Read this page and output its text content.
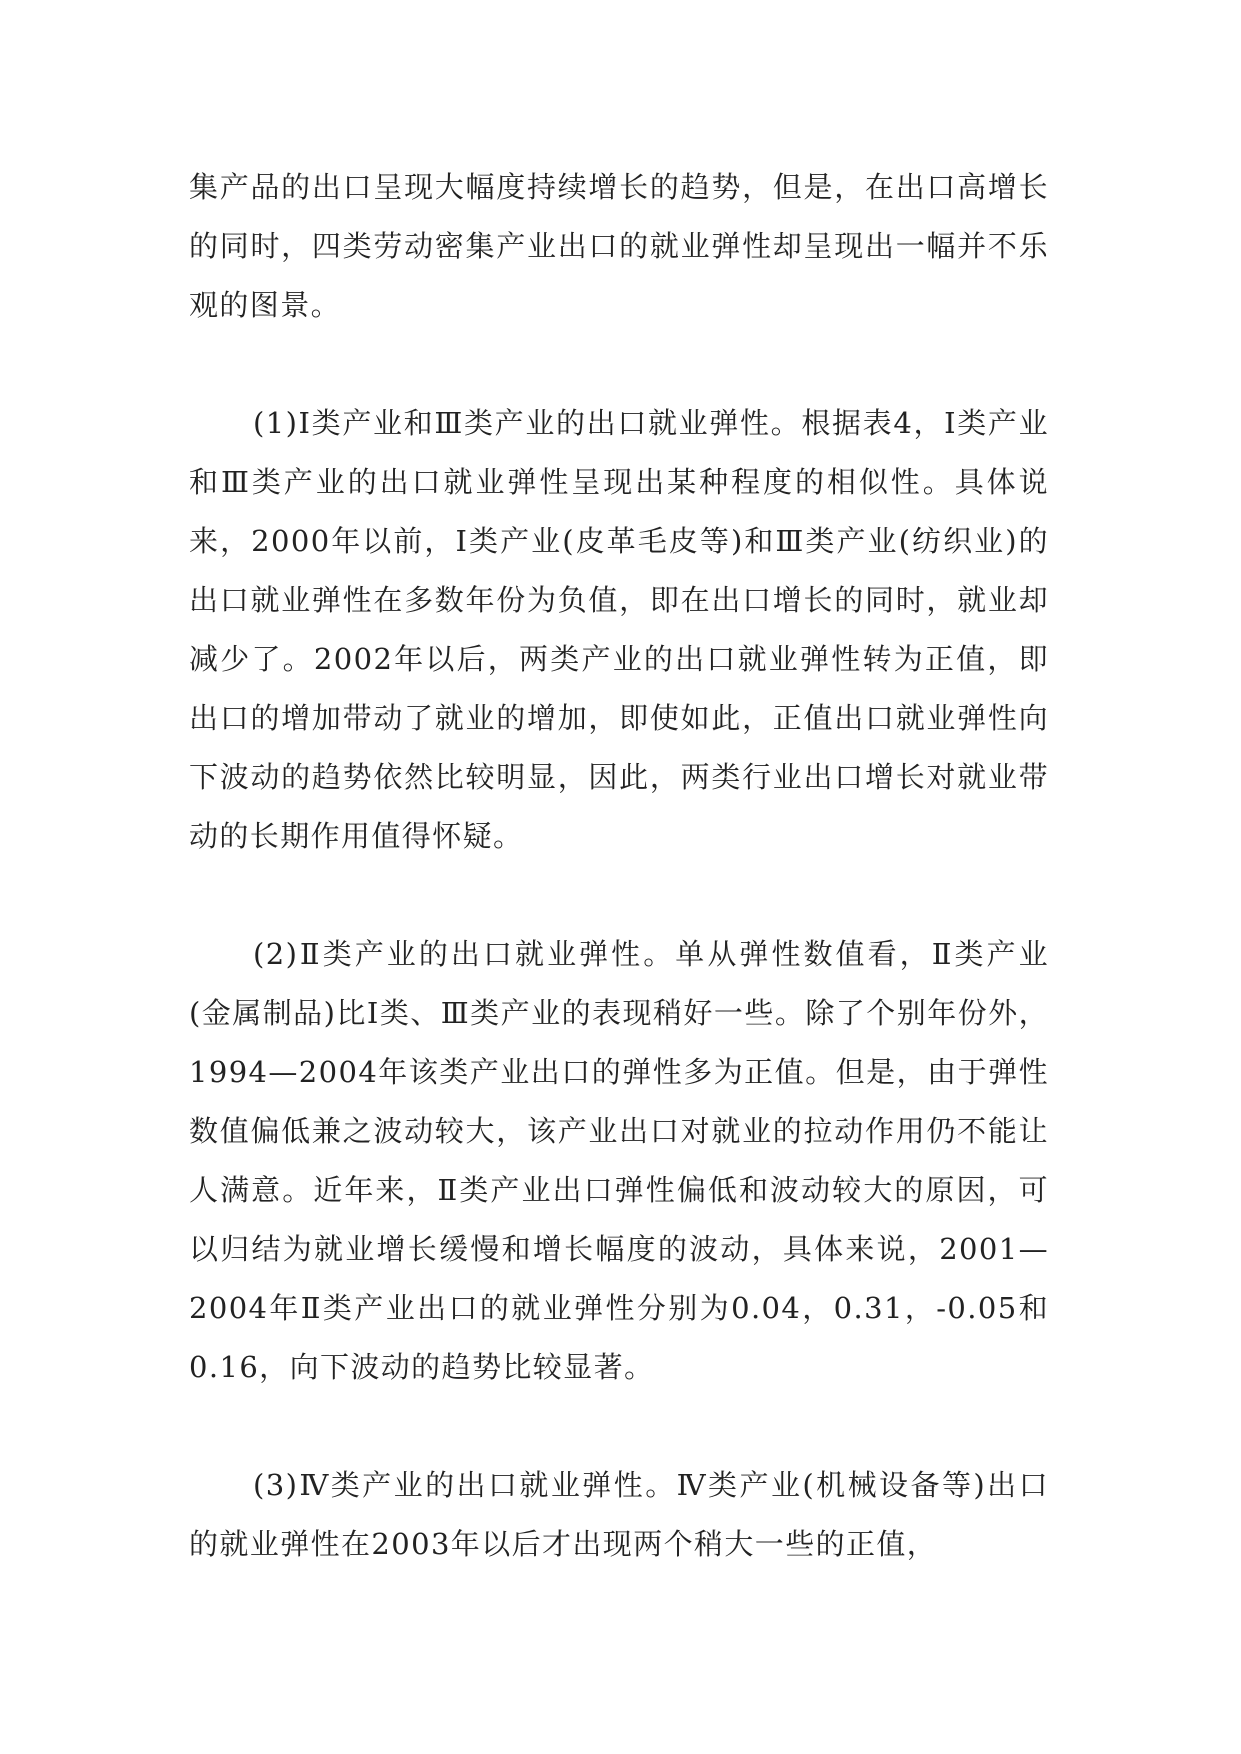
集产品的出口呈现大幅度持续增长的趋势，但是，在出口高增长的同时，四类劳动密集产业出口的就业弹性却呈现出一幅并不乐观的图景。

(1)Ⅰ类产业和Ⅲ类产业的出口就业弹性。根据表4，Ⅰ类产业和Ⅲ类产业的出口就业弹性呈现出某种程度的相似性。具体说来，2000年以前，Ⅰ类产业(皮革毛皮等)和Ⅲ类产业(纺织业)的出口就业弹性在多数年份为负值，即在出口增长的同时，就业却减少了。2002年以后，两类产业的出口就业弹性转为正值，即出口的增加带动了就业的增加，即使如此，正值出口就业弹性向下波动的趋势依然比较明显，因此，两类行业出口增长对就业带动的长期作用值得怀疑。

(2)Ⅱ类产业的出口就业弹性。单从弹性数值看，Ⅱ类产业(金属制品)比Ⅰ类、Ⅲ类产业的表现稍好一些。除了个别年份外，1994—2004年该类产业出口的弹性多为正值。但是，由于弹性数值偏低兼之波动较大，该产业出口对就业的拉动作用仍不能让人满意。近年来，Ⅱ类产业出口弹性偏低和波动较大的原因，可以归结为就业增长缓慢和增长幅度的波动，具体来说，2001—2004年Ⅱ类产业出口的就业弹性分别为0.04，0.31，-0.05和0.16，向下波动的趋势比较显著。

(3)Ⅳ类产业的出口就业弹性。Ⅳ类产业(机械设备等)出口的就业弹性在2003年以后才出现两个稍大一些的正值，
